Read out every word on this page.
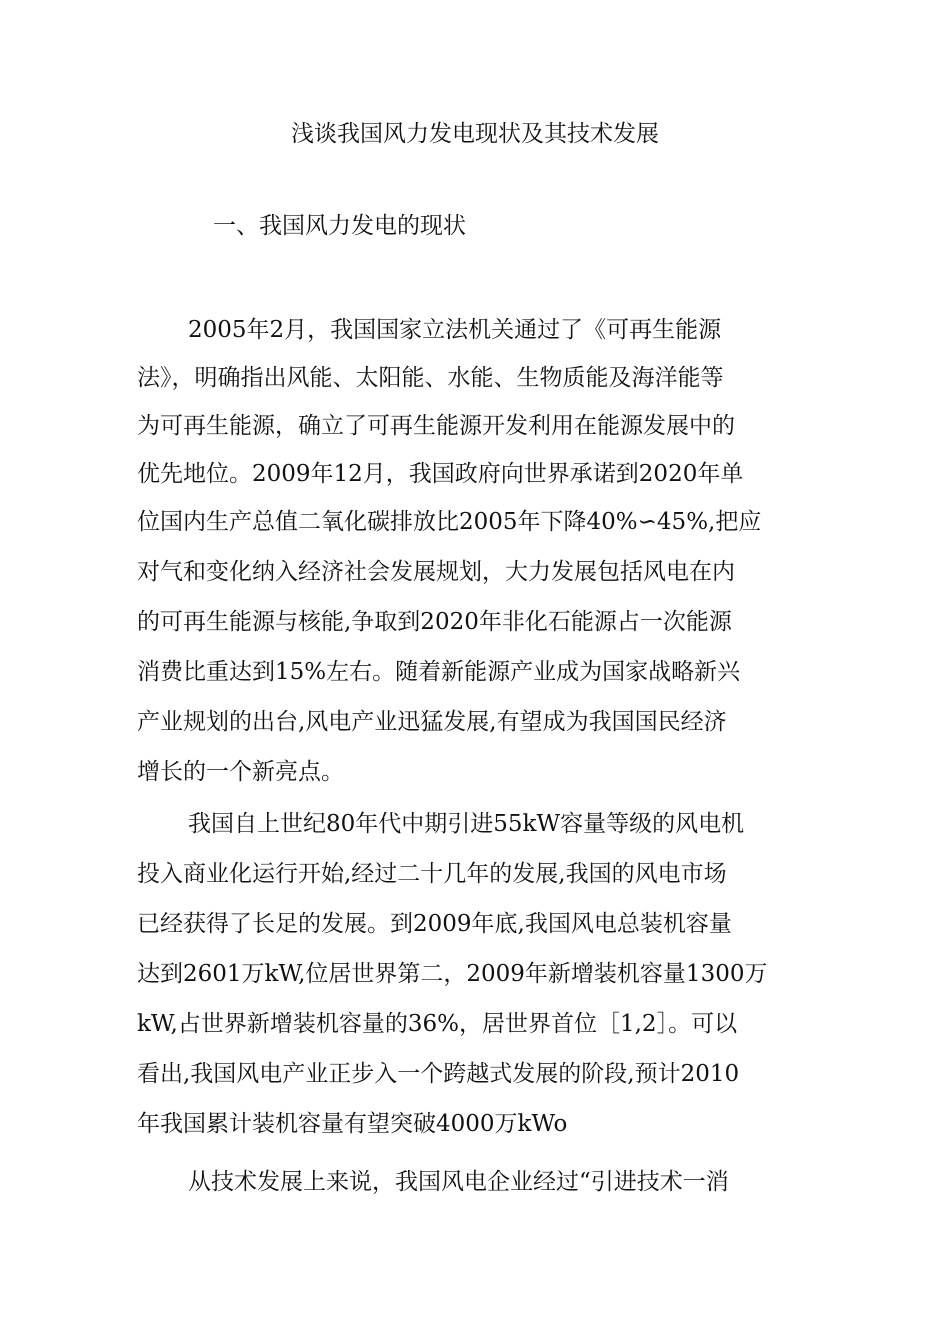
浅谈我国风力发电现状及其技术发展
一、我国风力发电的现状
2005年2月，我国国家立法机关通过了《可再生能源
法》，明确指出风能、太阳能、水能、生物质能及海洋能等
为可再生能源，确立了可再生能源开发利用在能源发展中的
优先地位。2009年12月，我国政府向世界承诺到2020年单
位国内生产总值二氧化碳排放比2005年下降40%∽45%,把应
对气和变化纳入经济社会发展规划，大力发展包括风电在内
的可再生能源与核能,争取到2020年非化石能源占一次能源
消费比重达到15%左右。随着新能源产业成为国家战略新兴
产业规划的出台,风电产业迅猛发展,有望成为我国国民经济
增长的一个新亮点。
我国自上世纪80年代中期引进55kW容量等级的风电机
投入商业化运行开始,经过二十几年的发展,我国的风电市场
已经获得了长足的发展。到2009年底,我国风电总装机容量
达到2601万kW,位居世界第二，2009年新增装机容量1300万
kW,占世界新增装机容量的36%，居世界首位［1,2］。可以
看出,我国风电产业正步入一个跨越式发展的阶段,预计2010
年我国累计装机容量有望突破4000万kWo
从技术发展上来说，我国风电企业经过“引进技术一消
